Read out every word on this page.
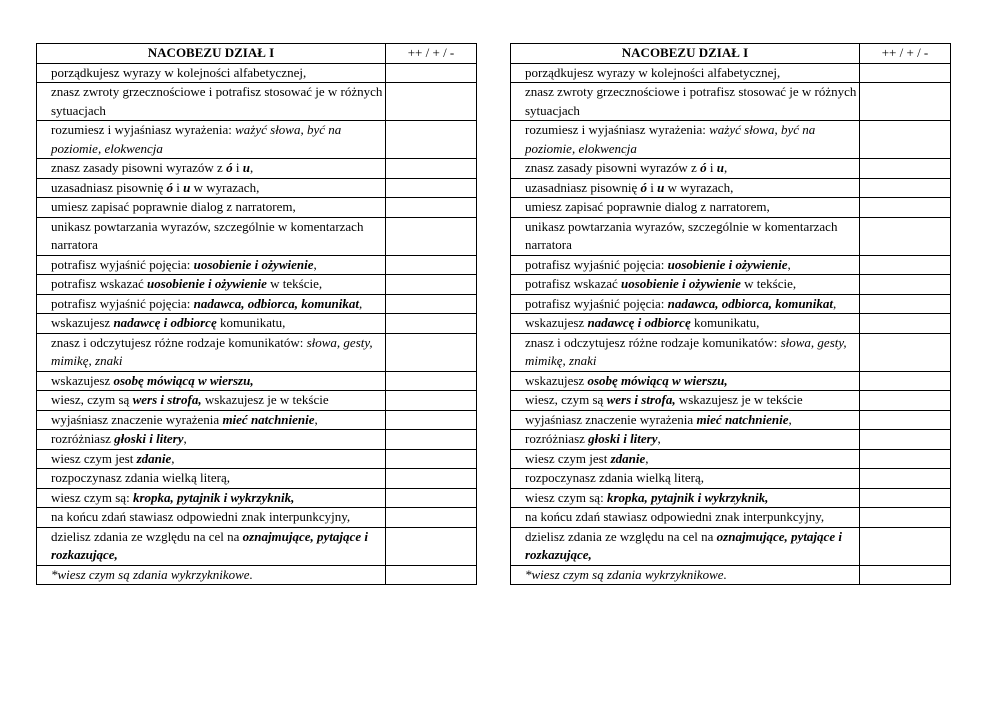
NACOBEZU DZIAŁ I	++ / + / -
porządkujesz wyrazy w kolejności alfabetycznej,	
znasz zwroty grzecznościowe i potrafisz stosować je w różnych sytuacjach	
rozumiesz i wyjaśniasz wyrażenia: ważyć słowa, być na poziomie, elokwencja	
znasz zasady pisowni wyrazów z ó i u,	
uzasadniasz pisownię ó i u w wyrazach,	
umiesz zapisać poprawnie dialog z narratorem,	
unikasz powtarzania wyrazów, szczególnie w komentarzach narratora	
potrafisz wyjaśnić pojęcia: uosobienie i ożywienie,	
potrafisz wskazać uosobienie i ożywienie w tekście,	
potrafisz wyjaśnić pojęcia: nadawca, odbiorca, komunikat,	
wskazujesz nadawcę i odbiorcę komunikatu,	
znasz i odczytujesz różne rodzaje komunikatów: słowa, gesty, mimikę, znaki	
wskazujesz osobę mówiącą w wierszu,	
wiesz, czym są wers i strofa, wskazujesz je w tekście	
wyjaśniasz znaczenie wyrażenia mieć natchnienie,	
rozróżniasz głoski i litery,	
wiesz czym jest zdanie,	
rozpoczynasz zdania wielką literą,	
wiesz czym są: kropka, pytajnik i wykrzyknik,	
na końcu zdań stawiasz odpowiedni znak interpunkcyjny,	
dzielisz zdania ze względu na cel na oznajmujące, pytające i rozkazujące,	
*wiesz czym są zdania wykrzyknikowe.	
NACOBEZU DZIAŁ I	++ / + / -
porządkujesz wyrazy w kolejności alfabetycznej,	
znasz zwroty grzecznościowe i potrafisz stosować je w różnych sytuacjach	
rozumiesz i wyjaśniasz wyrażenia: ważyć słowa, być na poziomie, elokwencja	
znasz zasady pisowni wyrazów z ó i u,	
uzasadniasz pisownię ó i u w wyrazach,	
umiesz zapisać poprawnie dialog z narratorem,	
unikasz powtarzania wyrazów, szczególnie w komentarzach narratora	
potrafisz wyjaśnić pojęcia: uosobienie i ożywienie,	
potrafisz wskazać uosobienie i ożywienie w tekście,	
potrafisz wyjaśnić pojęcia: nadawca, odbiorca, komunikat,	
wskazujesz nadawcę i odbiorcę komunikatu,	
znasz i odczytujesz różne rodzaje komunikatów: słowa, gesty, mimikę, znaki	
wskazujesz osobę mówiącą w wierszu,	
wiesz, czym są wers i strofa, wskazujesz je w tekście	
wyjaśniasz znaczenie wyrażenia mieć natchnienie,	
rozróżniasz głoski i litery,	
wiesz czym jest zdanie,	
rozpoczynasz zdania wielką literą,	
wiesz czym są: kropka, pytajnik i wykrzyknik,	
na końcu zdań stawiasz odpowiedni znak interpunkcyjny,	
dzielisz zdania ze względu na cel na oznajmujące, pytające i rozkazujące,	
*wiesz czym są zdania wykrzyknikowe.	
